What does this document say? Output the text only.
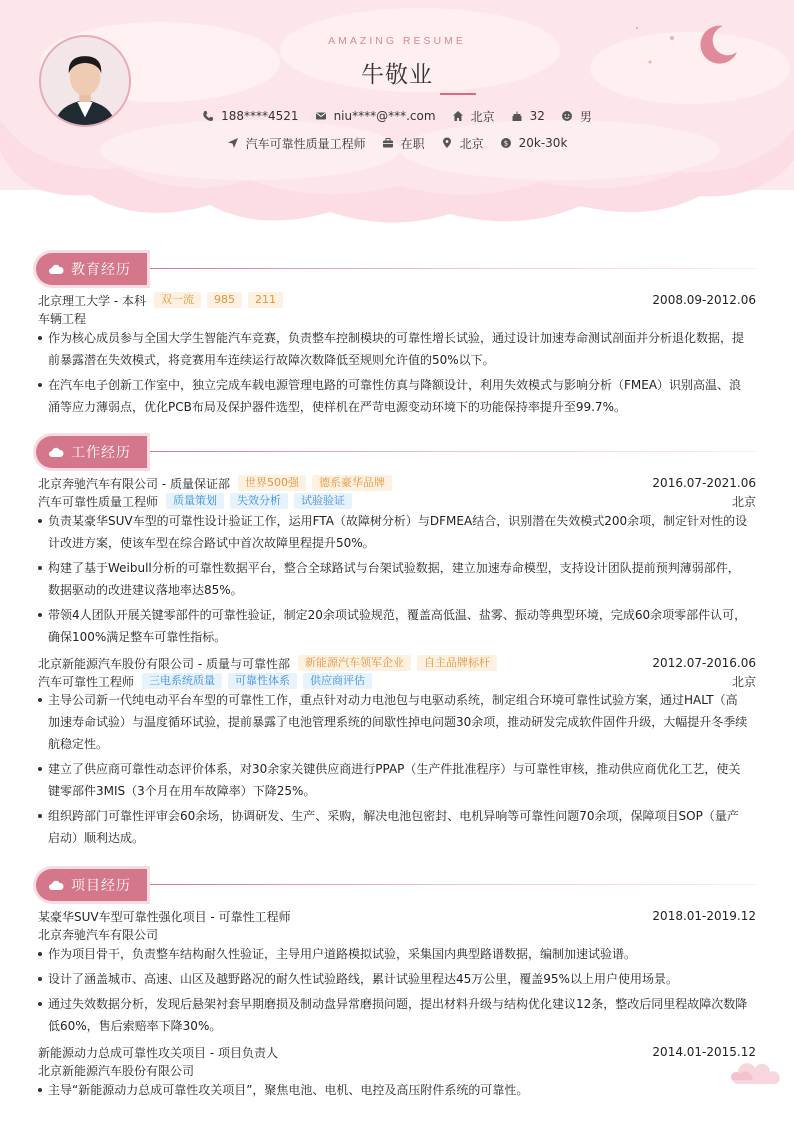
AMAZING RESUME
牛敬业
188****4521	niu****@***.com	北京	32	男
汽车可靠性质量工程师	在职	北京	$ 20k-30k
教育经历
北京理工大学 - 本科	双一流	985	211	2008.09-2012.06
车辆工程
作为核心成员参与全国大学生智能汽车竞赛，负责整车控制模块的可靠性增长试验，通过设计加速寿命测试剖面并分析退化数据，提前暴露潜在失效模式，将竞赛用车连续运行故障次数降低至规则允许值的50%以下。
在汽车电子创新工作室中，独立完成车载电源管理电路的可靠性仿真与降额设计，利用失效模式与影响分析（FMEA）识别高温、浪涌等应力薄弱点，优化PCB布局及保护器件选型，使样机在严苛电源变动环境下的功能保持率提升至99.7%。
工作经历
北京奔驰汽车有限公司 - 质量保证部	世界500强	德系豪华品牌	2016.07-2021.06
汽车可靠性质量工程师	质量策划	失效分析	试验验证	北京
负责某豪华SUV车型的可靠性设计验证工作，运用FTA（故障树分析）与DFMEA结合，识别潜在失效模式200余项，制定针对性的设计改进方案，使该车型在综合路试中首次故障里程提升50%。
构建了基于Weibull分析的可靠性数据平台，整合全球路试与台架试验数据，建立加速寿命模型，支持设计团队提前预判薄弱部件，数据驱动的改进建议落地率达85%。
带领4人团队开展关键零部件的可靠性验证，制定20余项试验规范，覆盖高低温、盐雾、振动等典型环境，完成60余项零部件认可，确保100%满足整车可靠性指标。
北京新能源汽车股份有限公司 - 质量与可靠性部	新能源汽车领军企业	自主品牌标杆	2012.07-2016.06
汽车可靠性工程师	三电系统质量	可靠性体系	供应商评估	北京
主导公司新一代纯电动平台车型的可靠性工作，重点针对动力电池包与电驱动系统，制定组合环境可靠性试验方案，通过HALT（高加速寿命试验）与温度循环试验，提前暴露了电池管理系统的间歇性掉电问题30余项，推动研发完成软件固件升级，大幅提升冬季续航稳定性。
建立了供应商可靠性动态评价体系，对30余家关键供应商进行PPAP（生产件批准程序）与可靠性审核，推动供应商优化工艺，使关键零部件3MIS（3个月在用车故障率）下降25%。
组织跨部门可靠性评审会60余场，协调研发、生产、采购，解决电池包密封、电机异响等可靠性问题70余项，保障项目SOP（量产启动）顺利达成。
项目经历
某豪华SUV车型可靠性强化项目 - 可靠性工程师	2018.01-2019.12
北京奔驰汽车有限公司
作为项目骨干，负责整车结构耐久性验证，主导用户道路模拟试验，采集国内典型路谱数据，编制加速试验谱。
设计了涵盖城市、高速、山区及越野路况的耐久性试验路线，累计试验里程达45万公里，覆盖95%以上用户使用场景。
通过失效数据分析，发现后悬架衬套早期磨损及制动盘异常磨损问题，提出材料升级与结构优化建议12条，整改后同里程故障次数降低60%，售后索赔率下降30%。
新能源动力总成可靠性攻关项目 - 项目负责人	2014.01-2015.12
北京新能源汽车股份有限公司
主导“新能源动力总成可靠性攻关项目”，聚焦电池、电机、电控及高压附件系统的可靠性。
